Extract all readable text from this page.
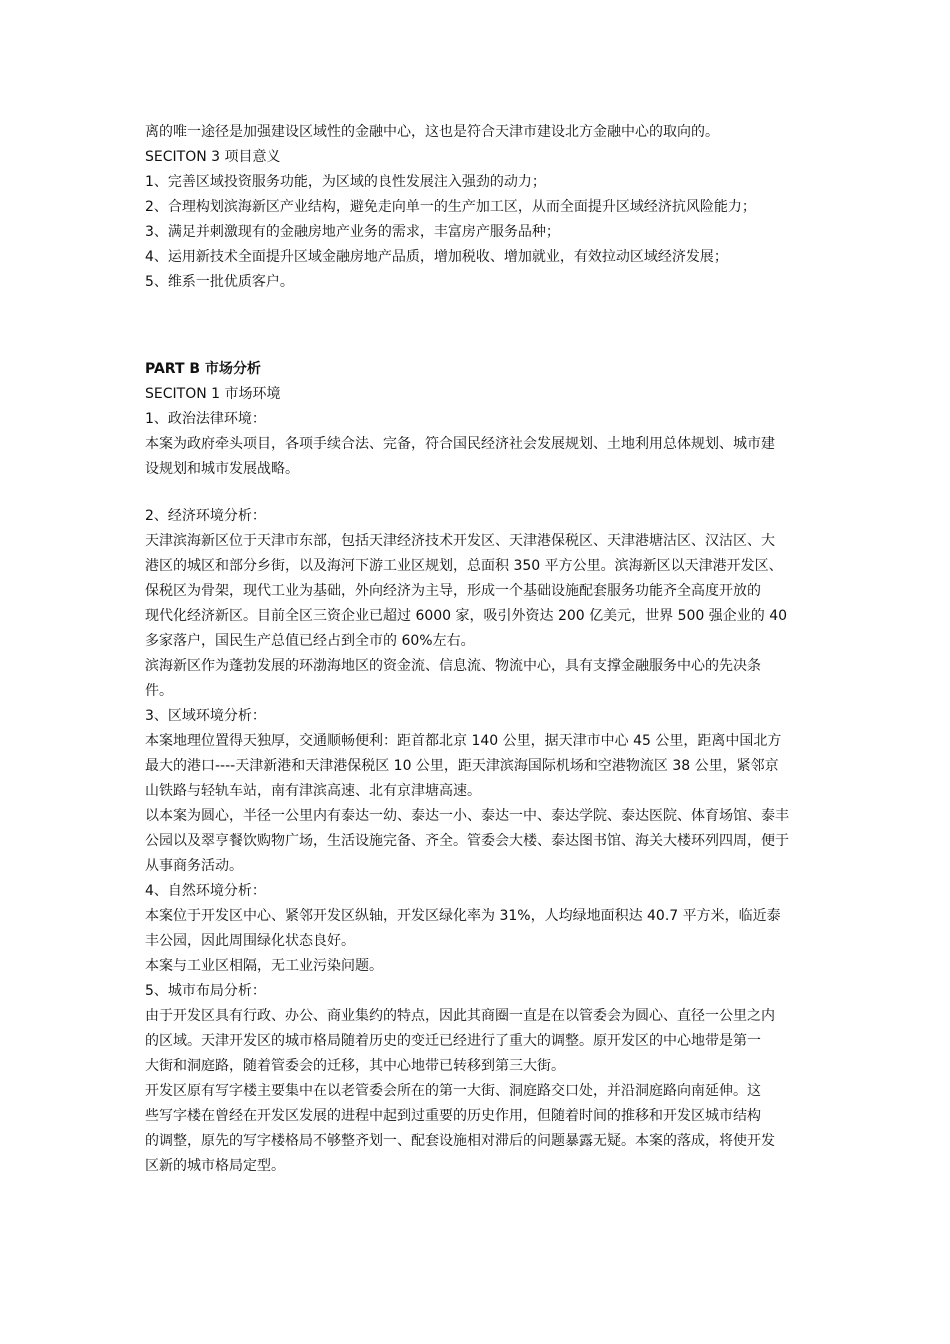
离的唯一途径是加强建设区域性的金融中心，这也是符合天津市建设北方金融中心的取向的。
SECITON 3 项目意义
1、完善区域投资服务功能，为区域的良性发展注入强劲的动力；
2、合理构划滨海新区产业结构，避免走向单一的生产加工区，从而全面提升区域经济抗风险能力；
3、满足并刺激现有的金融房地产业务的需求，丰富房产服务品种；
4、运用新技术全面提升区域金融房地产品质，增加税收、增加就业，有效拉动区域经济发展；
5、维系一批优质客户。
PART B 市场分析
SECITON 1 市场环境
1、政治法律环境：
本案为政府牵头项目，各项手续合法、完备，符合国民经济社会发展规划、土地利用总体规划、城市建
设规划和城市发展战略。
2、经济环境分析：
天津滨海新区位于天津市东部，包括天津经济技术开发区、天津港保税区、天津港塘沽区、汉沽区、大
港区的城区和部分乡街，以及海河下游工业区规划，总面积 350 平方公里。滨海新区以天津港开发区、
保税区为骨架，现代工业为基础，外向经济为主导，形成一个基础设施配套服务功能齐全高度开放的
现代化经济新区。目前全区三资企业已超过 6000 家，吸引外资达 200 亿美元，世界 500 强企业的 40
多家落户，国民生产总值已经占到全市的 60%左右。
滨海新区作为蓬勃发展的环渤海地区的资金流、信息流、物流中心，具有支撑金融服务中心的先决条
件。
3、区域环境分析：
本案地理位置得天独厚，交通顺畅便利：距首都北京 140 公里，据天津市中心 45 公里，距离中国北方
最大的港口----天津新港和天津港保税区 10 公里，距天津滨海国际机场和空港物流区 38 公里，紧邻京
山铁路与轻轨车站，南有津滨高速、北有京津塘高速。
以本案为圆心，半径一公里内有泰达一幼、泰达一小、泰达一中、泰达学院、泰达医院、体育场馆、泰丰
公园以及翠亨餐饮购物广场，生活设施完备、齐全。管委会大楼、泰达图书馆、海关大楼环列四周，便于
从事商务活动。
4、自然环境分析：
本案位于开发区中心、紧邻开发区纵轴，开发区绿化率为 31%，人均绿地面积达 40.7 平方米，临近泰
丰公园，因此周围绿化状态良好。
本案与工业区相隔，无工业污染问题。
5、城市布局分析：
由于开发区具有行政、办公、商业集约的特点，因此其商圈一直是在以管委会为圆心、直径一公里之内
的区域。天津开发区的城市格局随着历史的变迁已经进行了重大的调整。原开发区的中心地带是第一
大街和洞庭路，随着管委会的迁移，其中心地带已转移到第三大街。
开发区原有写字楼主要集中在以老管委会所在的第一大街、洞庭路交口处，并沿洞庭路向南延伸。这
些写字楼在曾经在开发区发展的进程中起到过重要的历史作用，但随着时间的推移和开发区城市结构
的调整，原先的写字楼格局不够整齐划一、配套设施相对滞后的问题暴露无疑。本案的落成，将使开发
区新的城市格局定型。
